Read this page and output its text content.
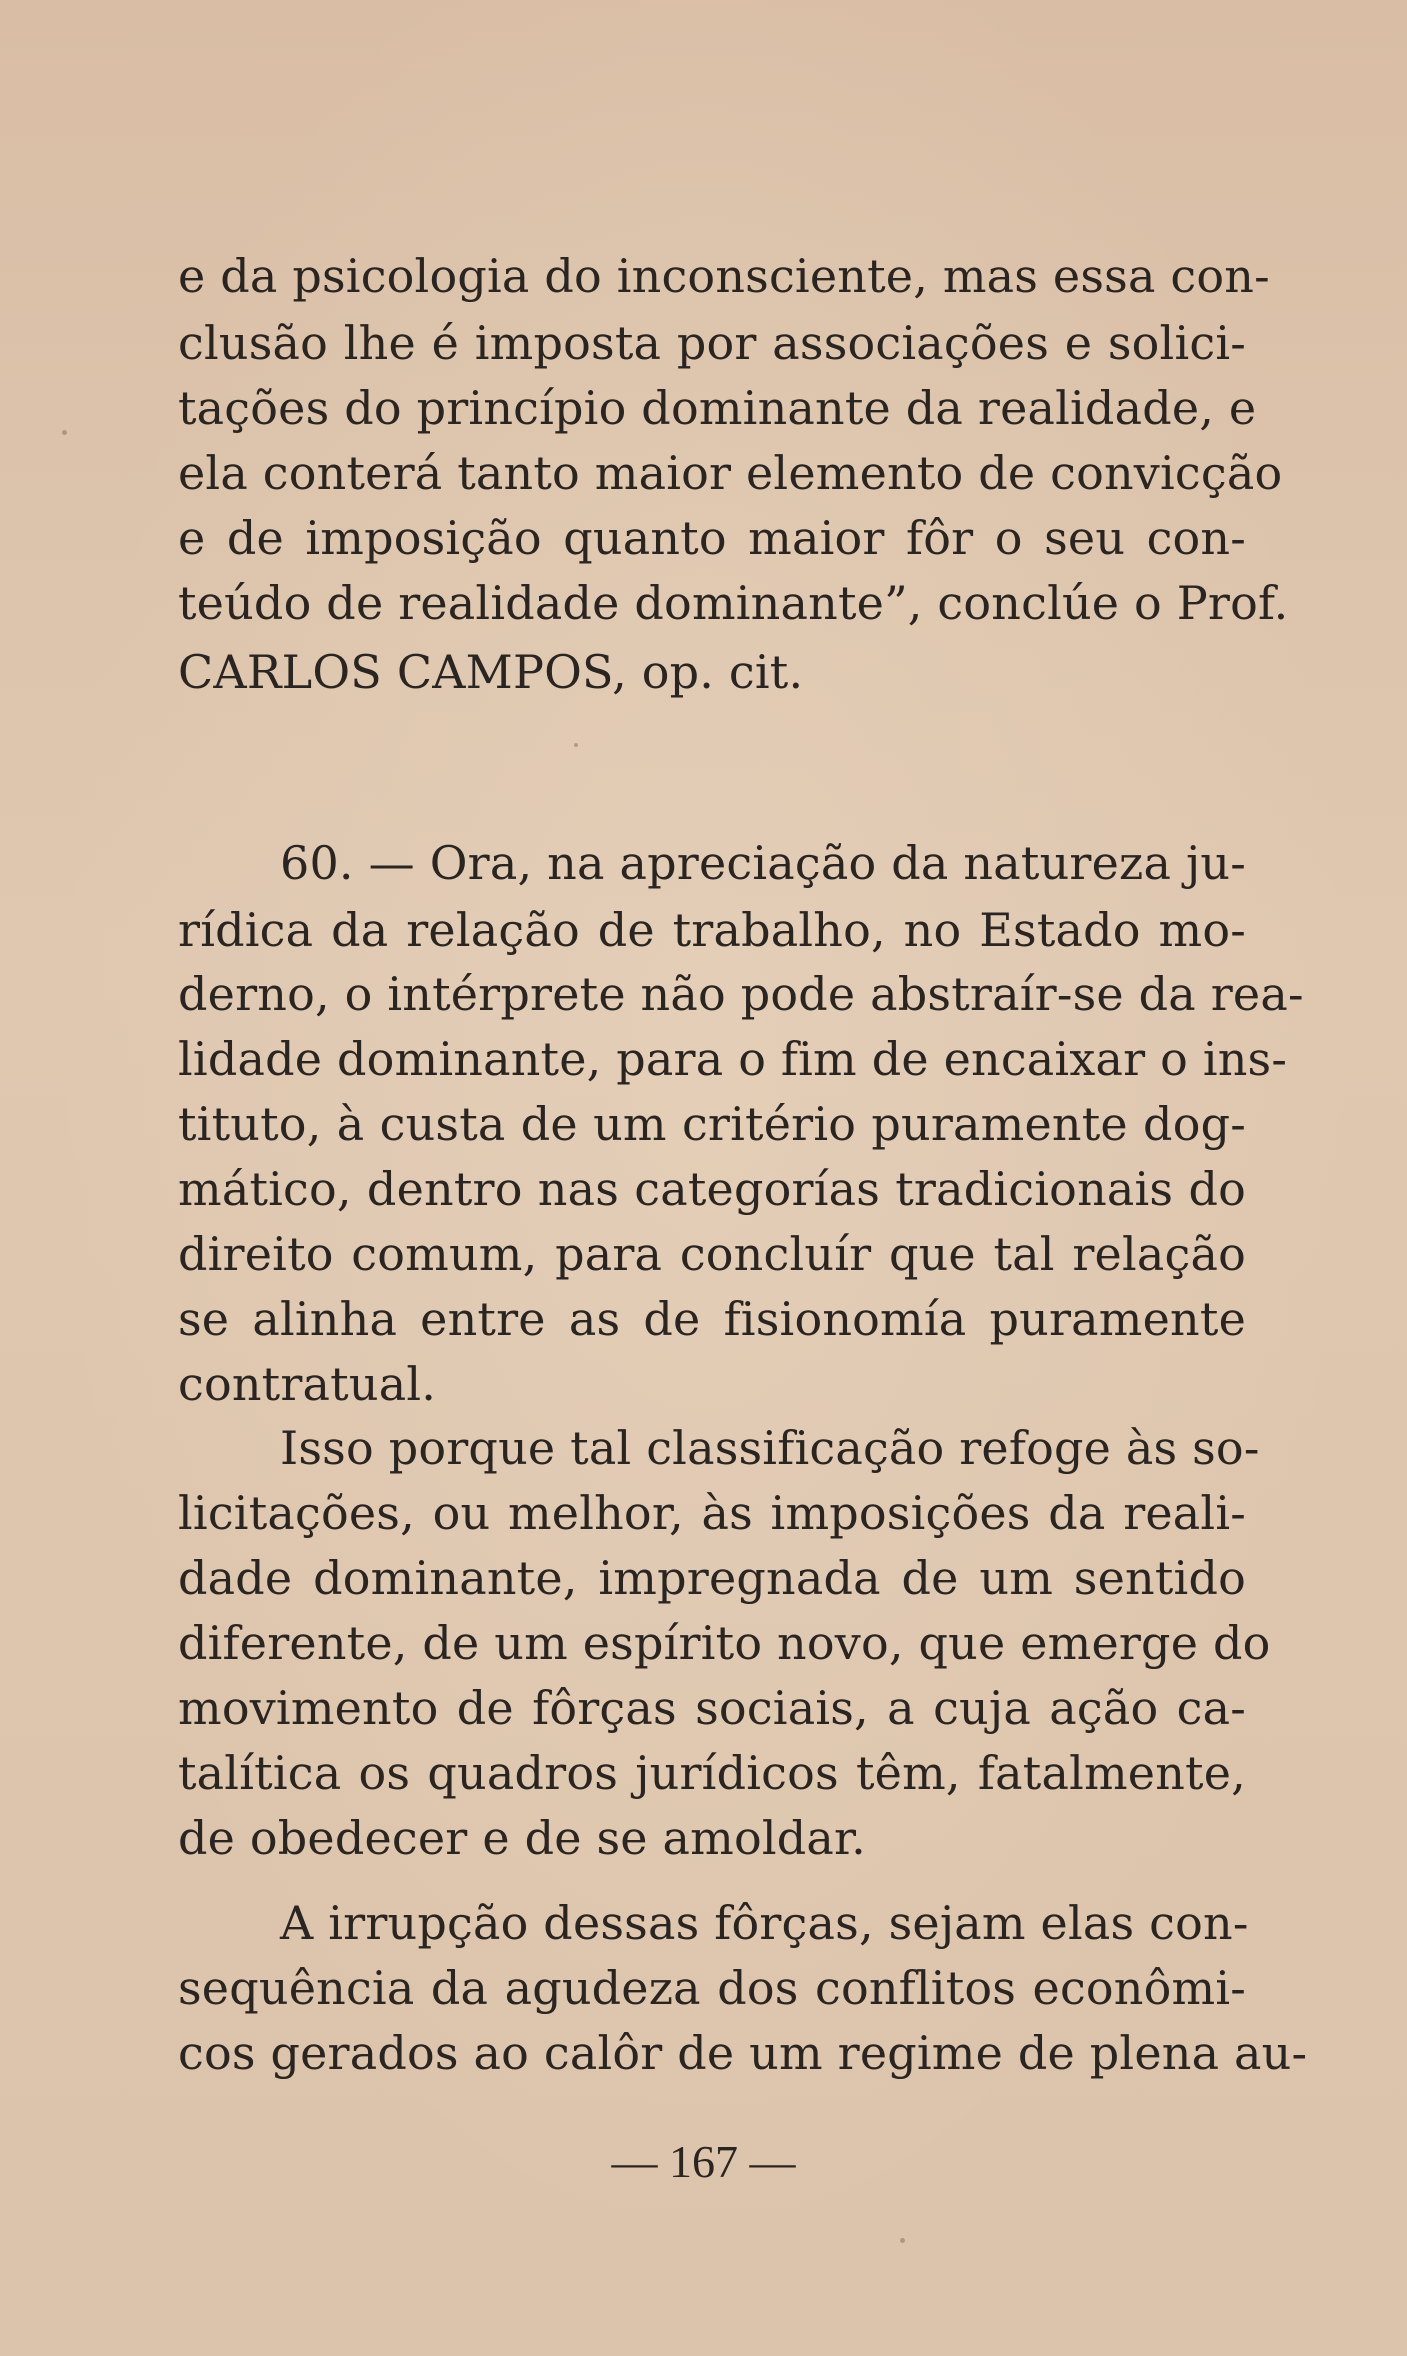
e da psicologia do inconsciente, mas essa con-
clusão lhe é imposta por associações e solici-
tações do princípio dominante da realidade, e
ela conterá tanto maior elemento de convicção
e de imposição quanto maior fôr o seu con-
teúdo de realidade dominante”, conclúe o Prof.
CARLOS CAMPOS, op. cit.
60. — Ora, na apreciação da natureza ju-
rídica da relação de trabalho, no Estado mo-
derno, o intérprete não pode abstraír-se da rea-
lidade dominante, para o fim de encaixar o ins-
tituto, à custa de um critério puramente dog-
mático, dentro nas categorías tradicionais do
direito comum, para concluír que tal relação
se alinha entre as de fisionomía puramente
contratual.
Isso porque tal classificação refoge às so-
licitações, ou melhor, às imposições da reali-
dade dominante, impregnada de um sentido
diferente, de um espírito novo, que emerge do
movimento de fôrças sociais, a cuja ação ca-
talítica os quadros jurídicos têm, fatalmente,
de obedecer e de se amoldar.
A irrupção dessas fôrças, sejam elas con-
sequência da agudeza dos conflitos econômi-
cos gerados ao calôr de um regime de plena au-
— 167 —
